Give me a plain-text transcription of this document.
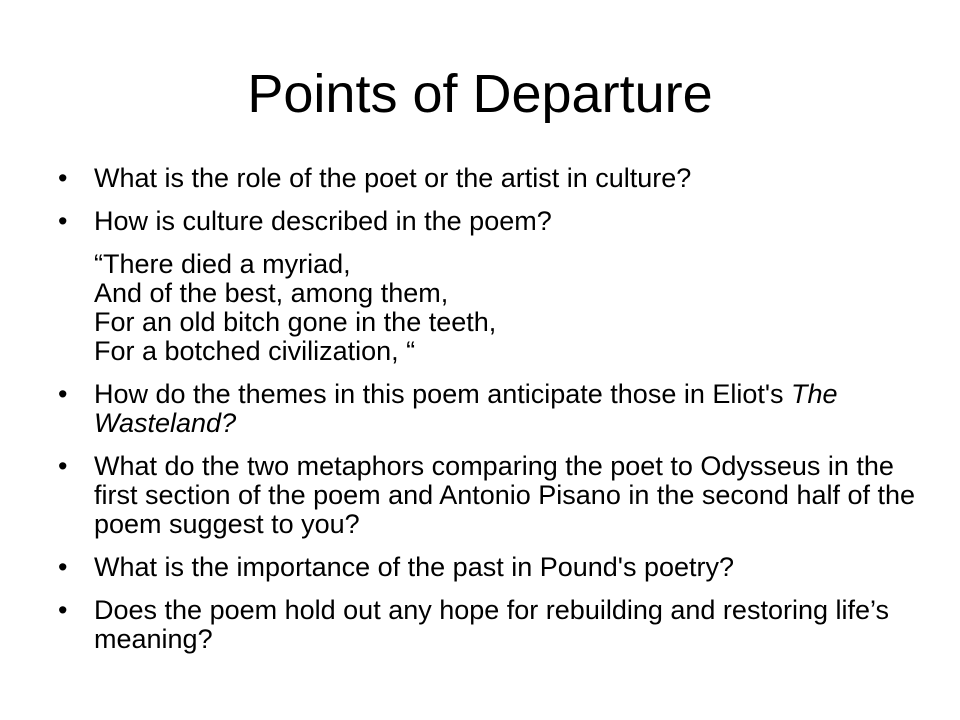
Points of Departure
• What is the role of the poet or the artist in culture?
• How is culture described in the poem?
“There died a myriad,
And of the best, among them,
For an old bitch gone in the teeth,
For a botched civilization, “
• How do the themes in this poem anticipate those in Eliot's The Wasteland?
• What do the two metaphors comparing the poet to Odysseus in the first section of the poem and Antonio Pisano in the second half of the poem suggest to you?
• What is the importance of the past in Pound's poetry?
• Does the poem hold out any hope for rebuilding and restoring life’s meaning?
